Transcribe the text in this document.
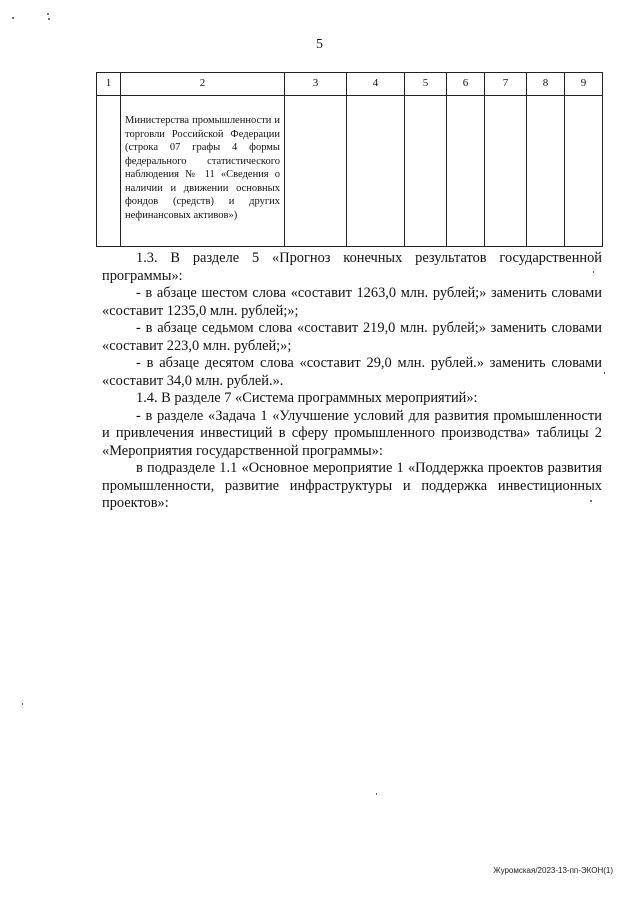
5
1	2	3	4	5	6	7	8	9

	Министерства промышленности и торговли Российской Федерации (строка 07 графы 4 формы федерального статистического наблюдения № 11 «Сведения о наличии и движении основных фондов (средств) и других нефинансовых активов»)							

1.3. В разделе 5 «Прогноз конечных результатов государственной программы»:

- в абзаце шестом слова «составит 1263,0 млн. рублей;» заменить словами «составит 1235,0 млн. рублей;»;

- в абзаце седьмом слова «составит 219,0 млн. рублей;» заменить словами «составит 223,0 млн. рублей;»;

- в абзаце десятом слова «составит 29,0 млн. рублей.» заменить словами «составит 34,0 млн. рублей.».

1.4. В разделе 7 «Система программных мероприятий»:

- в разделе «Задача 1 «Улучшение условий для развития промышленности и привлечения инвестиций в сферу промышленного производства» таблицы 2 «Мероприятия государственной программы»:

в подразделе 1.1 «Основное мероприятие 1 «Поддержка проектов развития промышленности, развитие инфраструктуры и поддержка инвестиционных проектов»:

Журомская/2023-13-пп-ЭКОН(1)
